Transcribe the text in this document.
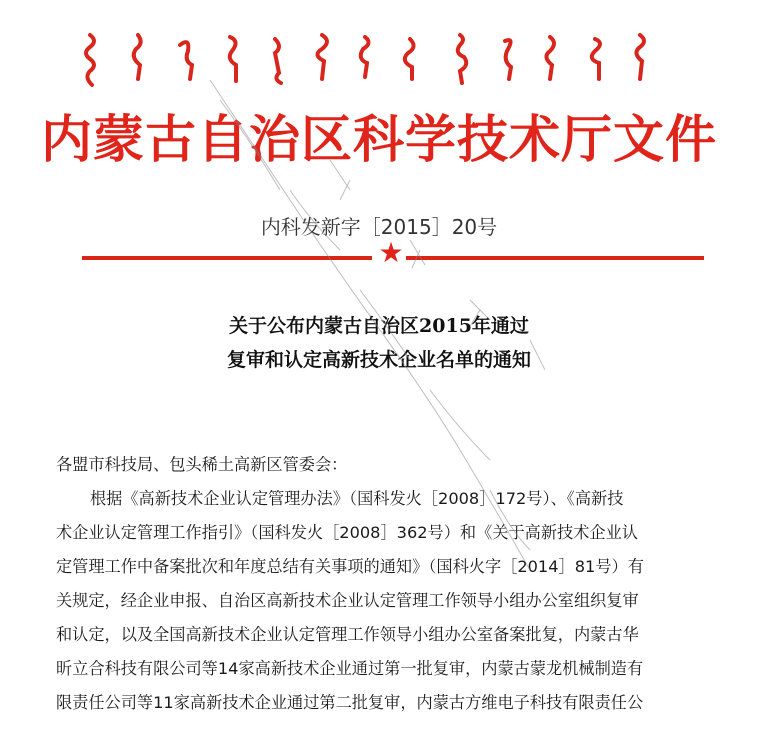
内蒙古自治区科学技术厅文件
内科发新字［2015］20号
★
关于公布内蒙古自治区2015年通过
复审和认定高新技术企业名单的通知
各盟市科技局、包头稀土高新区管委会：
根据《高新技术企业认定管理办法》（国科发火［2008］172号）、《高新技
术企业认定管理工作指引》（国科发火［2008］362号）和《关于高新技术企业认
定管理工作中备案批次和年度总结有关事项的通知》（国科火字［2014］81号）有
关规定，经企业申报、自治区高新技术企业认定管理工作领导小组办公室组织复审
和认定，以及全国高新技术企业认定管理工作领导小组办公室备案批复，内蒙古华
昕立合科技有限公司等14家高新技术企业通过第一批复审，内蒙古蒙龙机械制造有
限责任公司等11家高新技术企业通过第二批复审，内蒙古方维电子科技有限责任公
